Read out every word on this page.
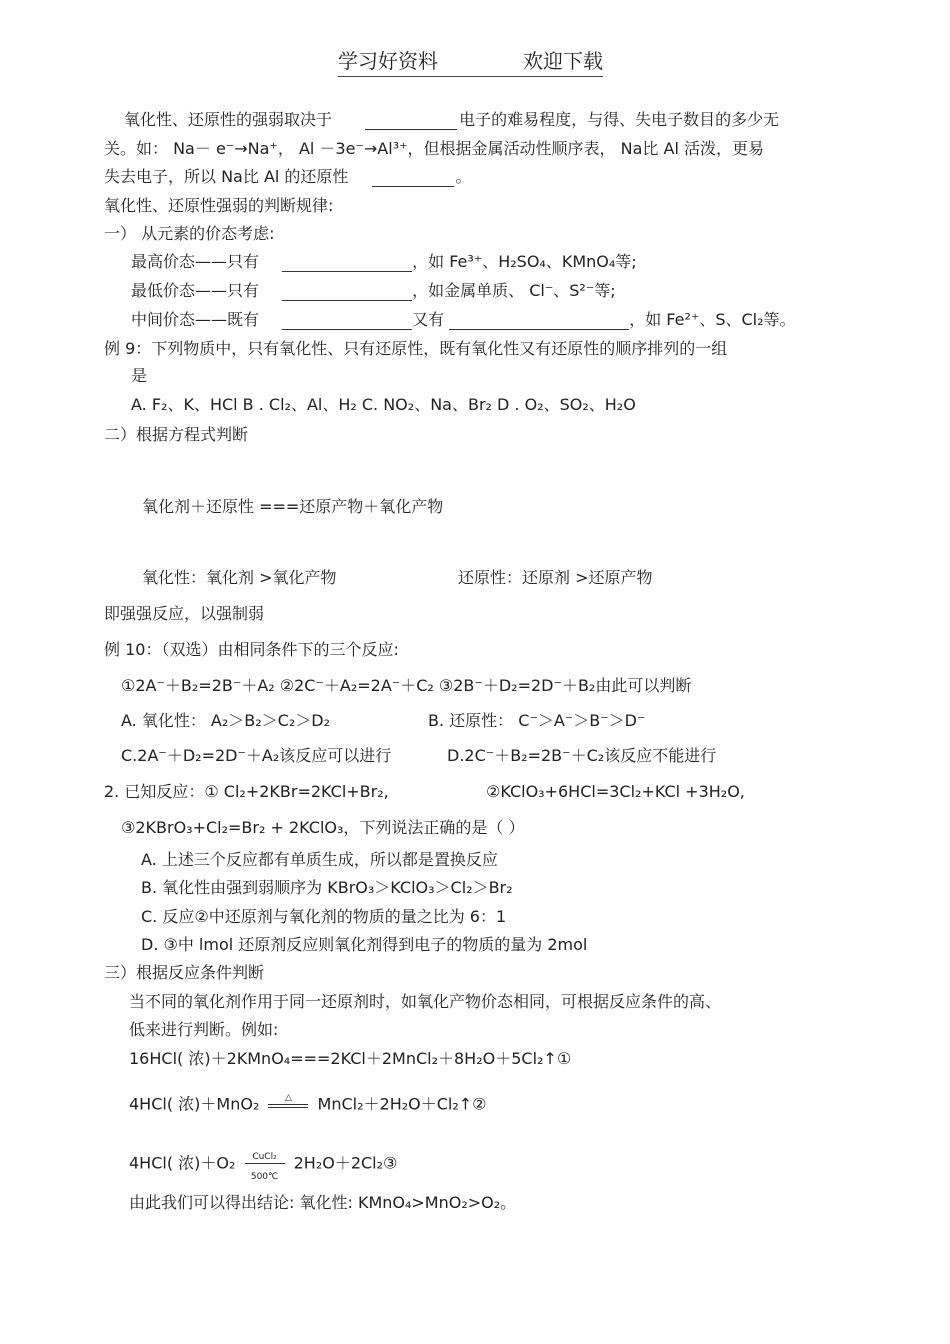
学习好资料	欢迎下载
氧化性、还原性的强弱取决于	电子的难易程度，与得、失电子数目的多少无
关。如： Na－ e⁻→Na⁺， Al －3e⁻→Al³⁺，但根据金属活动性顺序表， Na比 Al 活泼，更易
失去电子，所以 Na比 Al 的还原性	。
氧化性、还原性强弱的判断规律:
一） 从元素的价态考虑:
最高价态——只有	，如 Fe³⁺、H₂SO₄、KMnO₄等;
最低价态——只有	，如金属单质、 Cl⁻、S²⁻等;
中间价态——既有	又有	，如 Fe²⁺、S、Cl₂等。
例 9：下列物质中，只有氧化性、只有还原性，既有氧化性又有还原性的顺序排列的一组
是
A. F₂、K、HCl B . Cl₂、Al、H₂ C. NO₂、Na、Br₂ D . O₂、SO₂、H₂O
二）根据方程式判断
氧化剂＋还原性 ===还原产物＋氧化产物
氧化性：氧化剂 >氧化产物	还原性：还原剂 >还原产物
即强强反应，以强制弱
例 10：（双选）由相同条件下的三个反应:
①2A⁻＋B₂=2B⁻＋A₂ ②2C⁻＋A₂=2A⁻＋C₂ ③2B⁻＋D₂=2D⁻＋B₂由此可以判断
A. 氧化性： A₂＞B₂＞C₂＞D₂	B. 还原性： C⁻＞A⁻＞B⁻＞D⁻
C.2A⁻＋D₂=2D⁻＋A₂该反应可以进行	D.2C⁻＋B₂=2B⁻＋C₂该反应不能进行
2. 已知反应：① Cl₂+2KBr=2KCl+Br₂,	②KClO₃+6HCl=3Cl₂+KCl +3H₂O,
③2KBrO₃+Cl₂=Br₂ + 2KClO₃，下列说法正确的是（ ）
A. 上述三个反应都有单质生成，所以都是置换反应
B. 氧化性由强到弱顺序为 KBrO₃＞KClO₃＞Cl₂＞Br₂
C. 反应②中还原剂与氧化剂的物质的量之比为 6：1
D. ③中 lmol 还原剂反应则氧化剂得到电子的物质的量为 2mol
三）根据反应条件判断
当不同的氧化剂作用于同一还原剂时，如氧化产物价态相同，可根据反应条件的高、
低来进行判断。例如:
16HCl( 浓)＋2KMnO₄===2KCl＋2MnCl₂＋8H₂O＋5Cl₂↑①
4HCl( 浓)＋MnO₂	△	MnCl₂＋2H₂O＋Cl₂↑②
4HCl( 浓)＋O₂	CuCl₂
500℃
2H₂O＋2Cl₂③
由此我们可以得出结论: 氧化性: KMnO₄>MnO₂>O₂。
